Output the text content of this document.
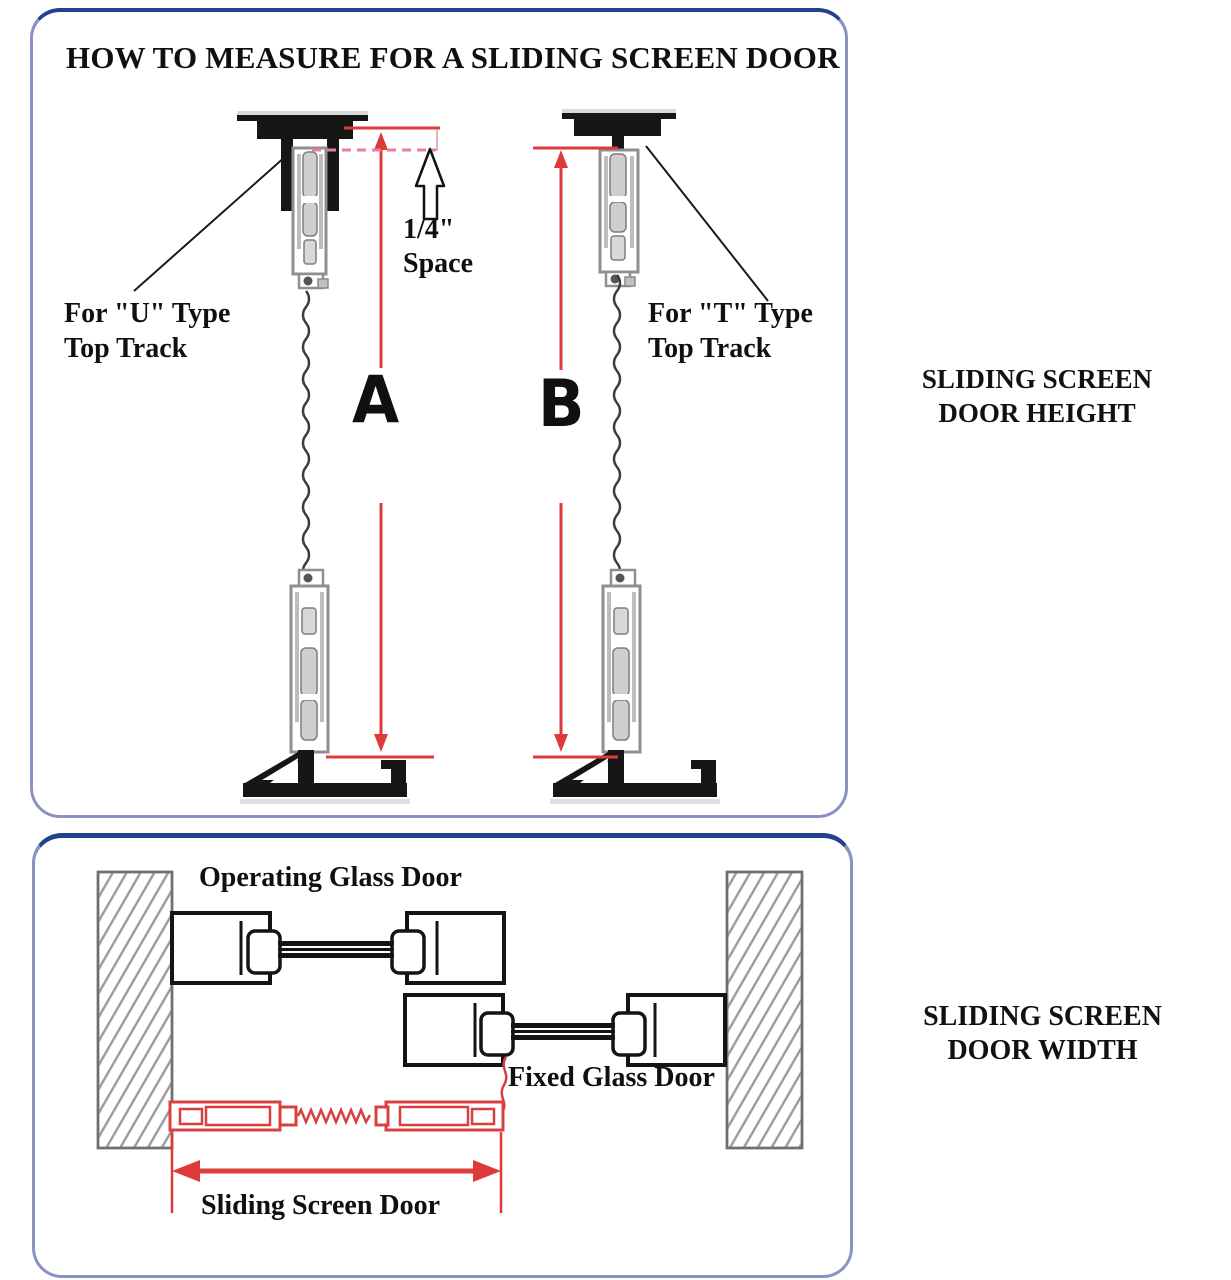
HOW TO MEASURE FOR A SLIDING SCREEN DOOR
For "U" Type
Top Track
For "T" Type
Top Track
1/4"
Space
A B	SLIDING SCREEN
DOOR HEIGHT
Operating Glass Door
Fixed Glass Door
Sliding Screen Door
SLIDING SCREEN
DOOR WIDTH
